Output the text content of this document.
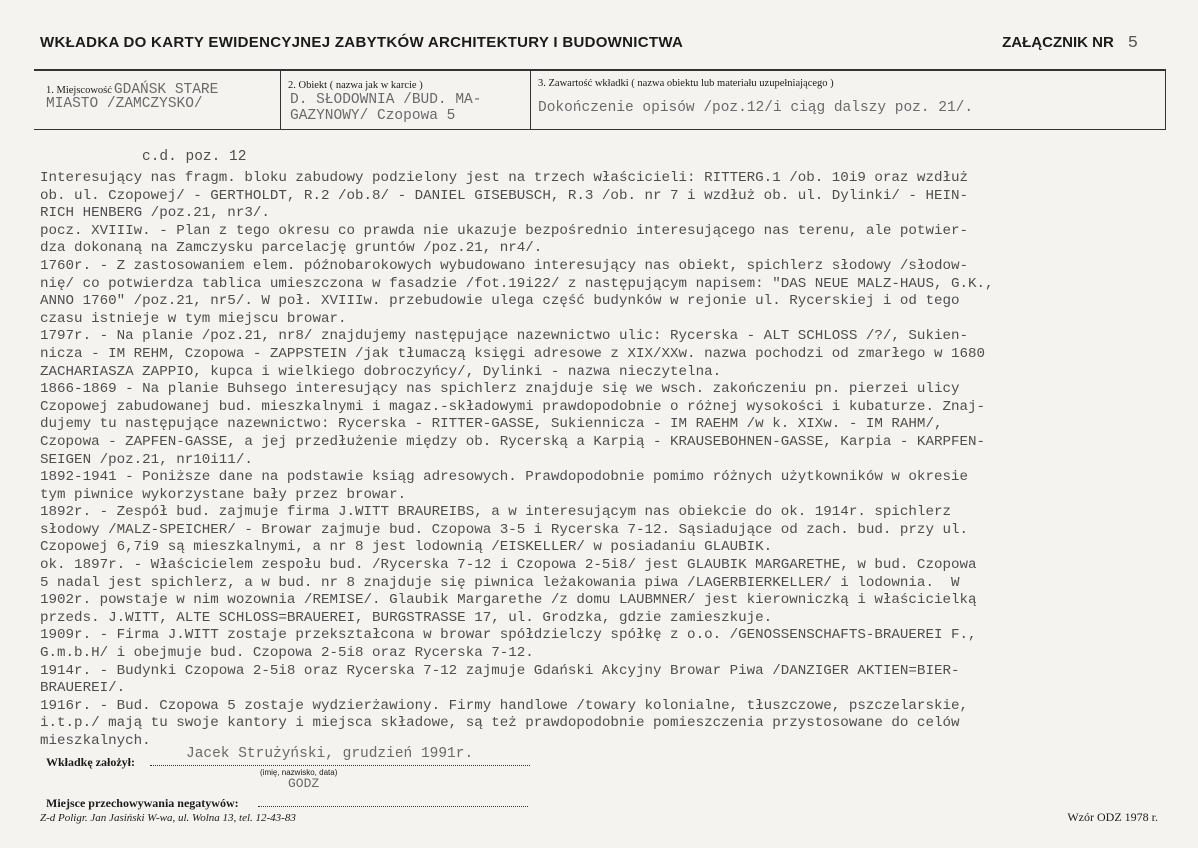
WKŁADKA DO KARTY EWIDENCYJNEJ ZABYTKÓW ARCHITEKTURY I BUDOWNICTWA	ZAŁĄCZNIK NR 5
1. Miejscowość GDAŃSK STARE
MIASTO /ZAMCZYSKO/
2. Obiekt ( nazwa jak w karcie )
D. SŁODOWNIA /BUD. MA-
GAZYNOWY/ Czopowa 5
3. Zawartość wkładki ( nazwa obiektu lub materiału uzupełniającego )
Dokończenie opisów /poz.12/i ciąg dalszy poz. 21/.
c.d. poz. 12
Interesujący nas fragm. bloku zabudowy podzielony jest na trzech właścicieli: RITTERG.1 /ob. 10i9 oraz wzdłuż
ob. ul. Czopowej/ - GERTHOLDT, R.2 /ob.8/ - DANIEL GISEBUSCH, R.3 /ob. nr 7 i wzdłuż ob. ul. Dylinki/ - HEIN-
RICH HENBERG /poz.21, nr3/.
pocz. XVIIIw. - Plan z tego okresu co prawda nie ukazuje bezpośrednio interesującego nas terenu, ale potwier-
dza dokonaną na Zamczysku parcelację gruntów /poz.21, nr4/.
1760r. - Z zastosowaniem elem. późnobarokowych wybudowano interesujący nas obiekt, spichlerz słodowy /słodow-
nię/ co potwierdza tablica umieszczona w fasadzie /fot.19i22/ z następującym napisem: "DAS NEUE MALZ-HAUS, G.K.,
ANNO 1760" /poz.21, nr5/. W poł. XVIIIw. przebudowie ulega część budynków w rejonie ul. Rycerskiej i od tego
czasu istnieje w tym miejscu browar.
1797r. - Na planie /poz.21, nr8/ znajdujemy następujące nazewnictwo ulic: Rycerska - ALT SCHLOSS /?/, Sukien-
nicza - IM REHM, Czopowa - ZAPPSTEIN /jak tłumaczą księgi adresowe z XIX/XXw. nazwa pochodzi od zmarłego w 1680
ZACHARIASZA ZAPPIO, kupca i wielkiego dobroczyńcy/, Dylinki - nazwa nieczytelna.
1866-1869 - Na planie Buhsego interesujący nas spichlerz znajduje się we wsch. zakończeniu pn. pierzei ulicy
Czopowej zabudowanej bud. mieszkalnymi i magaz.-składowymi prawdopodobnie o różnej wysokości i kubaturze. Znaj-
dujemy tu następujące nazewnictwo: Rycerska - RITTER-GASSE, Sukiennicza - IM RAEHM /w k. XIXw. - IM RAHM/,
Czopowa - ZAPFEN-GASSE, a jej przedłużenie między ob. Rycerską a Karpią - KRAUSEBOHNEN-GASSE, Karpia - KARPFEN-
SEIGEN /poz.21, nr10i11/.
1892-1941 - Poniższe dane na podstawie ksiąg adresowych. Prawdopodobnie pomimo różnych użytkowników w okresie
tym piwnice wykorzystane bały przez browar.
1892r. - Zespół bud. zajmuje firma J.WITT BRAUREIBS, a w interesującym nas obiekcie do ok. 1914r. spichlerz
słodowy /MALZ-SPEICHER/ - Browar zajmuje bud. Czopowa 3-5 i Rycerska 7-12. Sąsiadujące od zach. bud. przy ul.
Czopowej 6,7i9 są mieszkalnymi, a nr 8 jest lodownią /EISKELLER/ w posiadaniu GLAUBIK.
ok. 1897r. - Właścicielem zespołu bud. /Rycerska 7-12 i Czopowa 2-5i8/ jest GLAUBIK MARGARETHE, w bud. Czopowa
5 nadal jest spichlerz, a w bud. nr 8 znajduje się piwnica leżakowania piwa /LAGERBIERKELLER/ i lodownia.  W
1902r. powstaje w nim wozownia /REMISE/. Glaubik Margarethe /z domu LAUBMNER/ jest kierowniczką i właścicielką
przeds. J.WITT, ALTE SCHLOSS=BRAUEREI, BURGSTRASSE 17, ul. Grodzka, gdzie zamieszkuje.
1909r. - Firma J.WITT zostaje przekształcona w browar spółdzielczy spółkę z o.o. /GENOSSENSCHAFTS-BRAUEREI F.,
G.m.b.H/ i obejmuje bud. Czopowa 2-5i8 oraz Rycerska 7-12.
1914r. - Budynki Czopowa 2-5i8 oraz Rycerska 7-12 zajmuje Gdański Akcyjny Browar Piwa /DANZIGER AKTIEN=BIER-
BRAUEREI/.
1916r. - Bud. Czopowa 5 zostaje wydzierżawiony. Firmy handlowe /towary kolonialne, tłuszczowe, pszczelarskie,
i.t.p./ mają tu swoje kantory i miejsca składowe, są też prawdopodobnie pomieszczenia przystosowane do celów
mieszkalnych.
Wkładkę założył:	Jacek Strużyński, grudzień 1991r.
(imię, nazwisko, data)
GODZ
Miejsce przechowywania negatywów:
Z-d Poligr. Jan Jasiński W-wa, ul. Wolna 13, tel. 12-43-83	Wzór ODZ 1978 r.
